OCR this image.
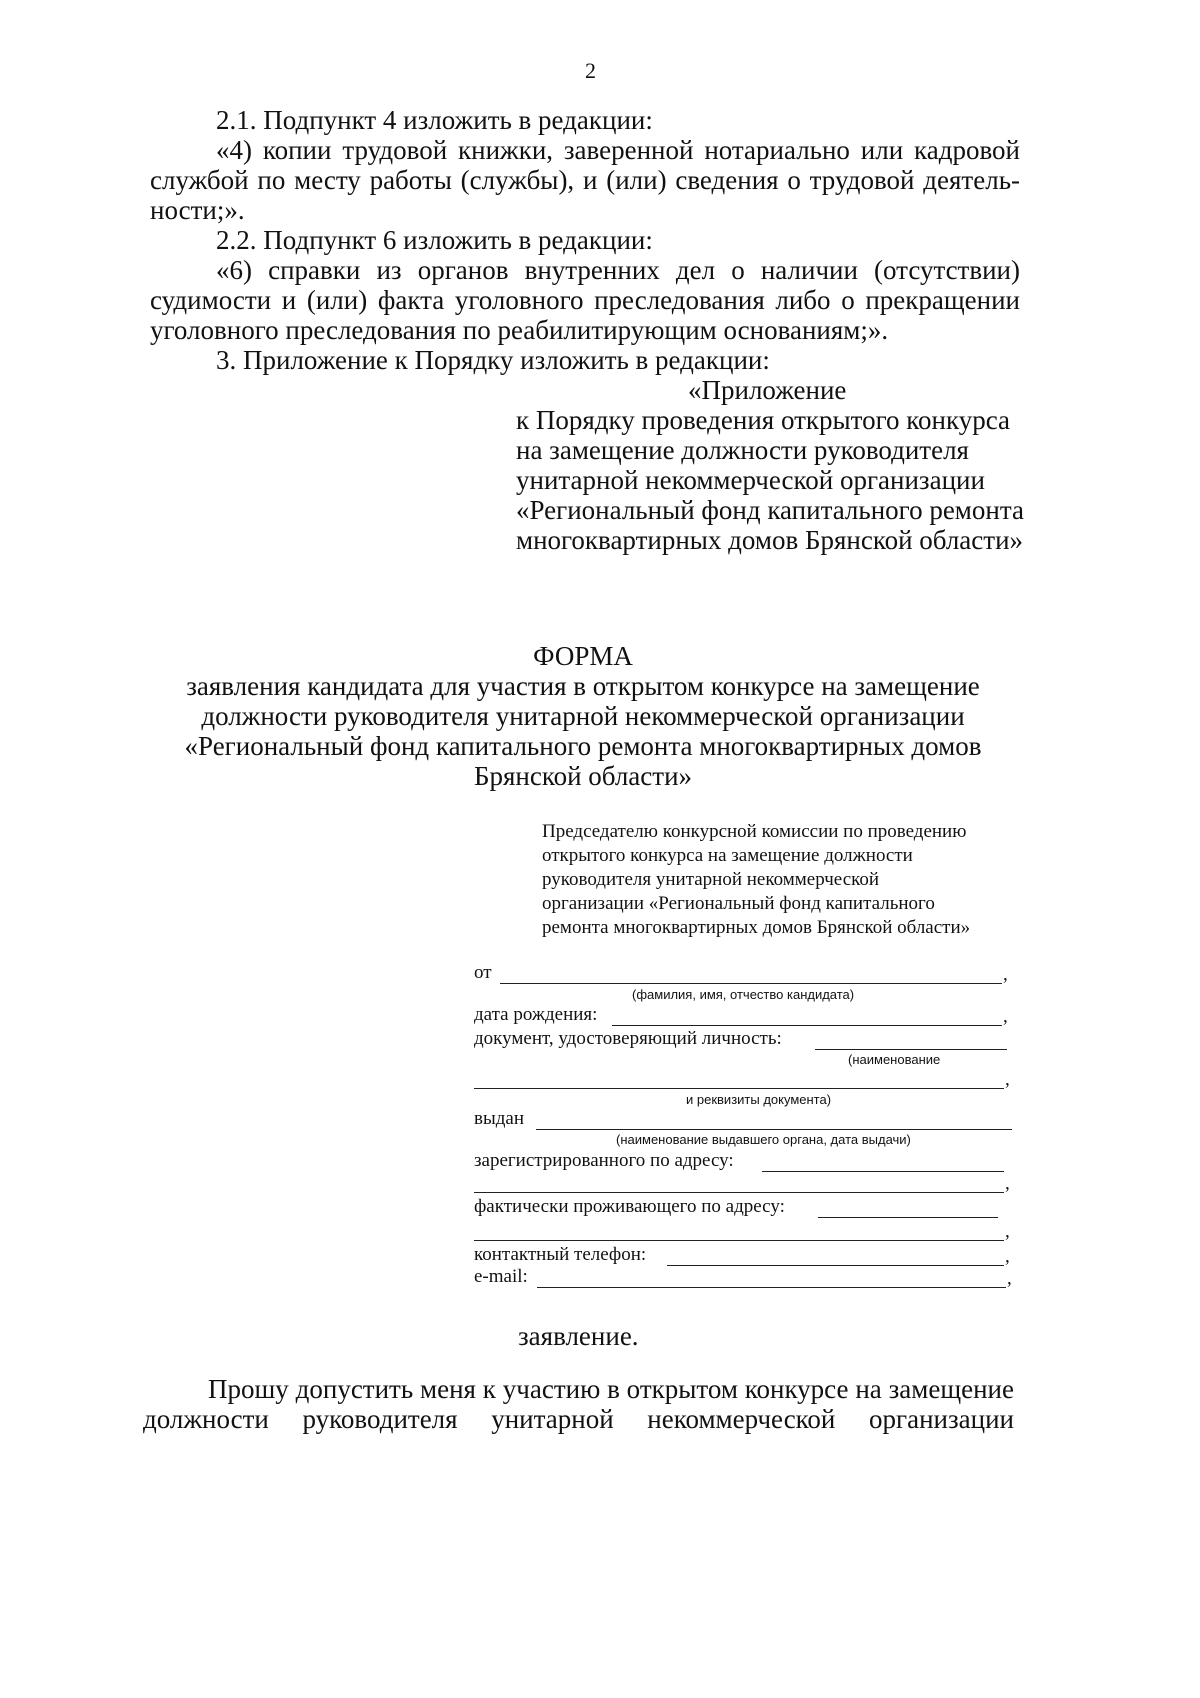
2
2.1. Подпункт 4 изложить в редакции:
«4) копии трудовой книжки, заверенной нотариально или кадровой
службой по месту работы (службы), и (или) сведения о трудовой деятель-
ности;».
2.2. Подпункт 6 изложить в редакции:
«6) справки из органов внутренних дел о наличии (отсутствии)
судимости и (или) факта уголовного преследования либо о прекращении
уголовного преследования по реабилитирующим основаниям;».
3. Приложение к Порядку изложить в редакции:
«Приложение
к Порядку проведения открытого конкурса
на замещение должности руководителя
унитарной некоммерческой организации
«Региональный фонд капитального ремонта
многоквартирных домов Брянской области»
ФОРМА
заявления кандидата для участия в открытом конкурсе на замещение
должности руководителя унитарной некоммерческой организации
«Региональный фонд капитального ремонта многоквартирных домов
Брянской области»
Председателю конкурсной комиссии по проведению
открытого конкурса на замещение должности
руководителя унитарной некоммерческой
организации «Региональный фонд капитального
ремонта многоквартирных домов Брянской области»
от	,
(фамилия, имя, отчество кандидата)
дата рождения:	,
документ, удостоверяющий личность:
(наименование
,
и реквизиты документа)
выдан
(наименование выдавшего органа, дата выдачи)
зарегистрированного по адресу:
,
фактически проживающего по адресу:
,
контактный телефон:	,
e-mail:	,
заявление.
Прошу допустить меня к участию в открытом конкурсе на замещение
должности руководителя унитарной некоммерческой организации
